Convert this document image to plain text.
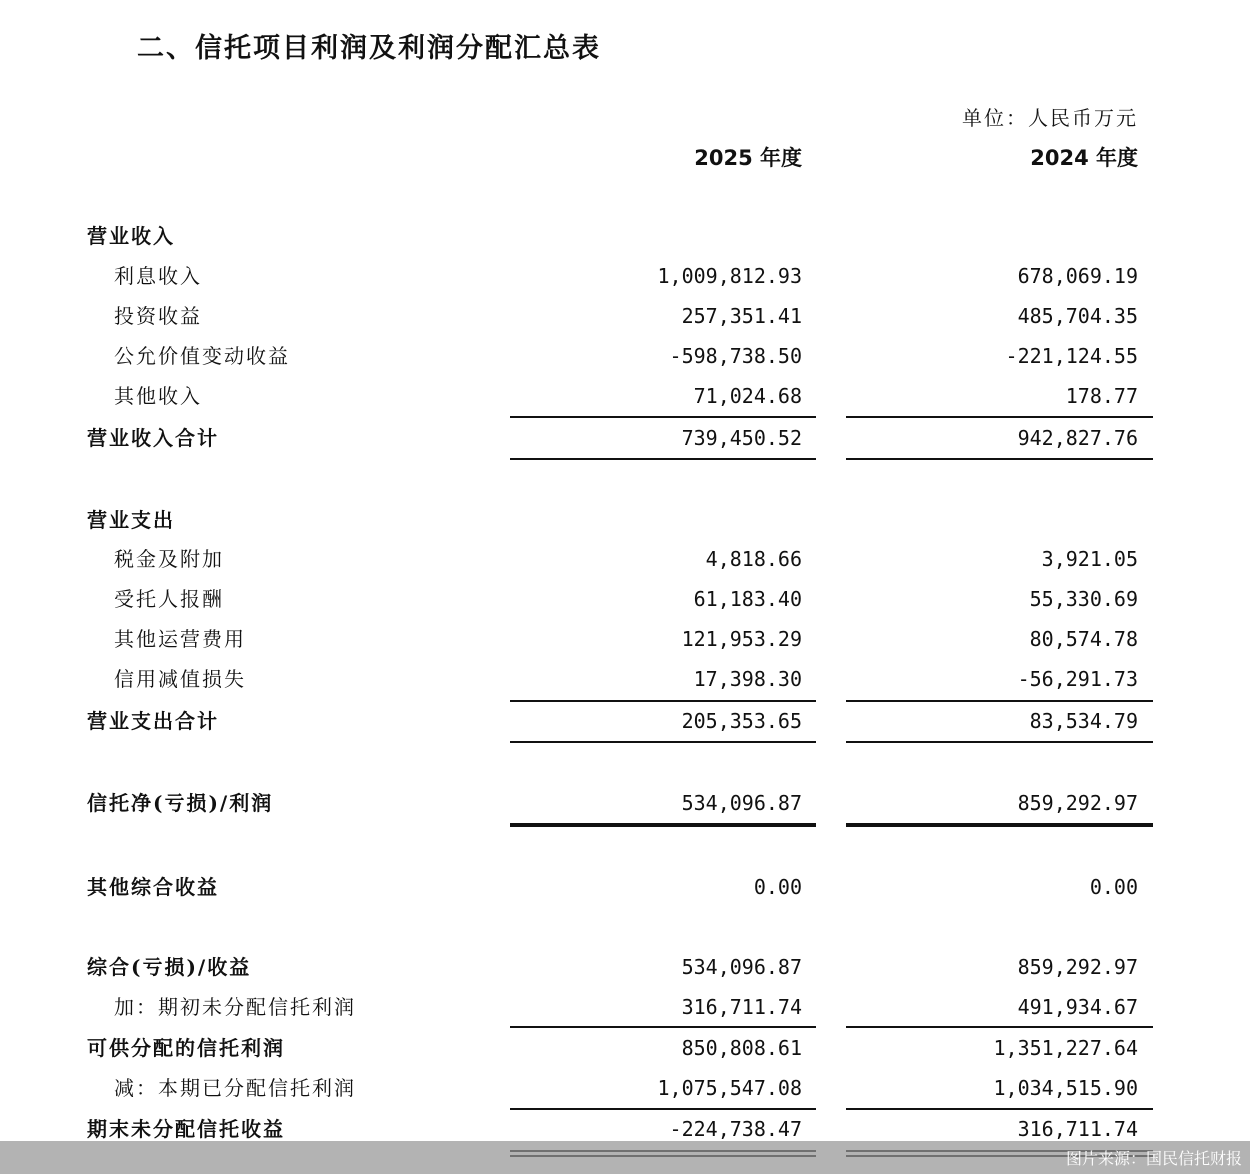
二、信托项目利润及利润分配汇总表
单位：人民币万元
2025 年度	2024 年度
营业收入
利息收入	1,009,812.93	678,069.19
投资收益	257,351.41	485,704.35
公允价值变动收益	-598,738.50	-221,124.55
其他收入	71,024.68	178.77
营业收入合计	739,450.52	942,827.76
营业支出
税金及附加	4,818.66	3,921.05
受托人报酬	61,183.40	55,330.69
其他运营费用	121,953.29	80,574.78
信用减值损失	17,398.30	-56,291.73
营业支出合计	205,353.65	83,534.79
信托净(亏损)/利润	534,096.87	859,292.97
其他综合收益	0.00	0.00
综合(亏损)/收益	534,096.87	859,292.97
加：期初未分配信托利润	316,711.74	491,934.67
可供分配的信托利润	850,808.61	1,351,227.64
减：本期已分配信托利润	1,075,547.08	1,034,515.90
期末未分配信托收益	-224,738.47	316,711.74
图片来源：国民信托财报
